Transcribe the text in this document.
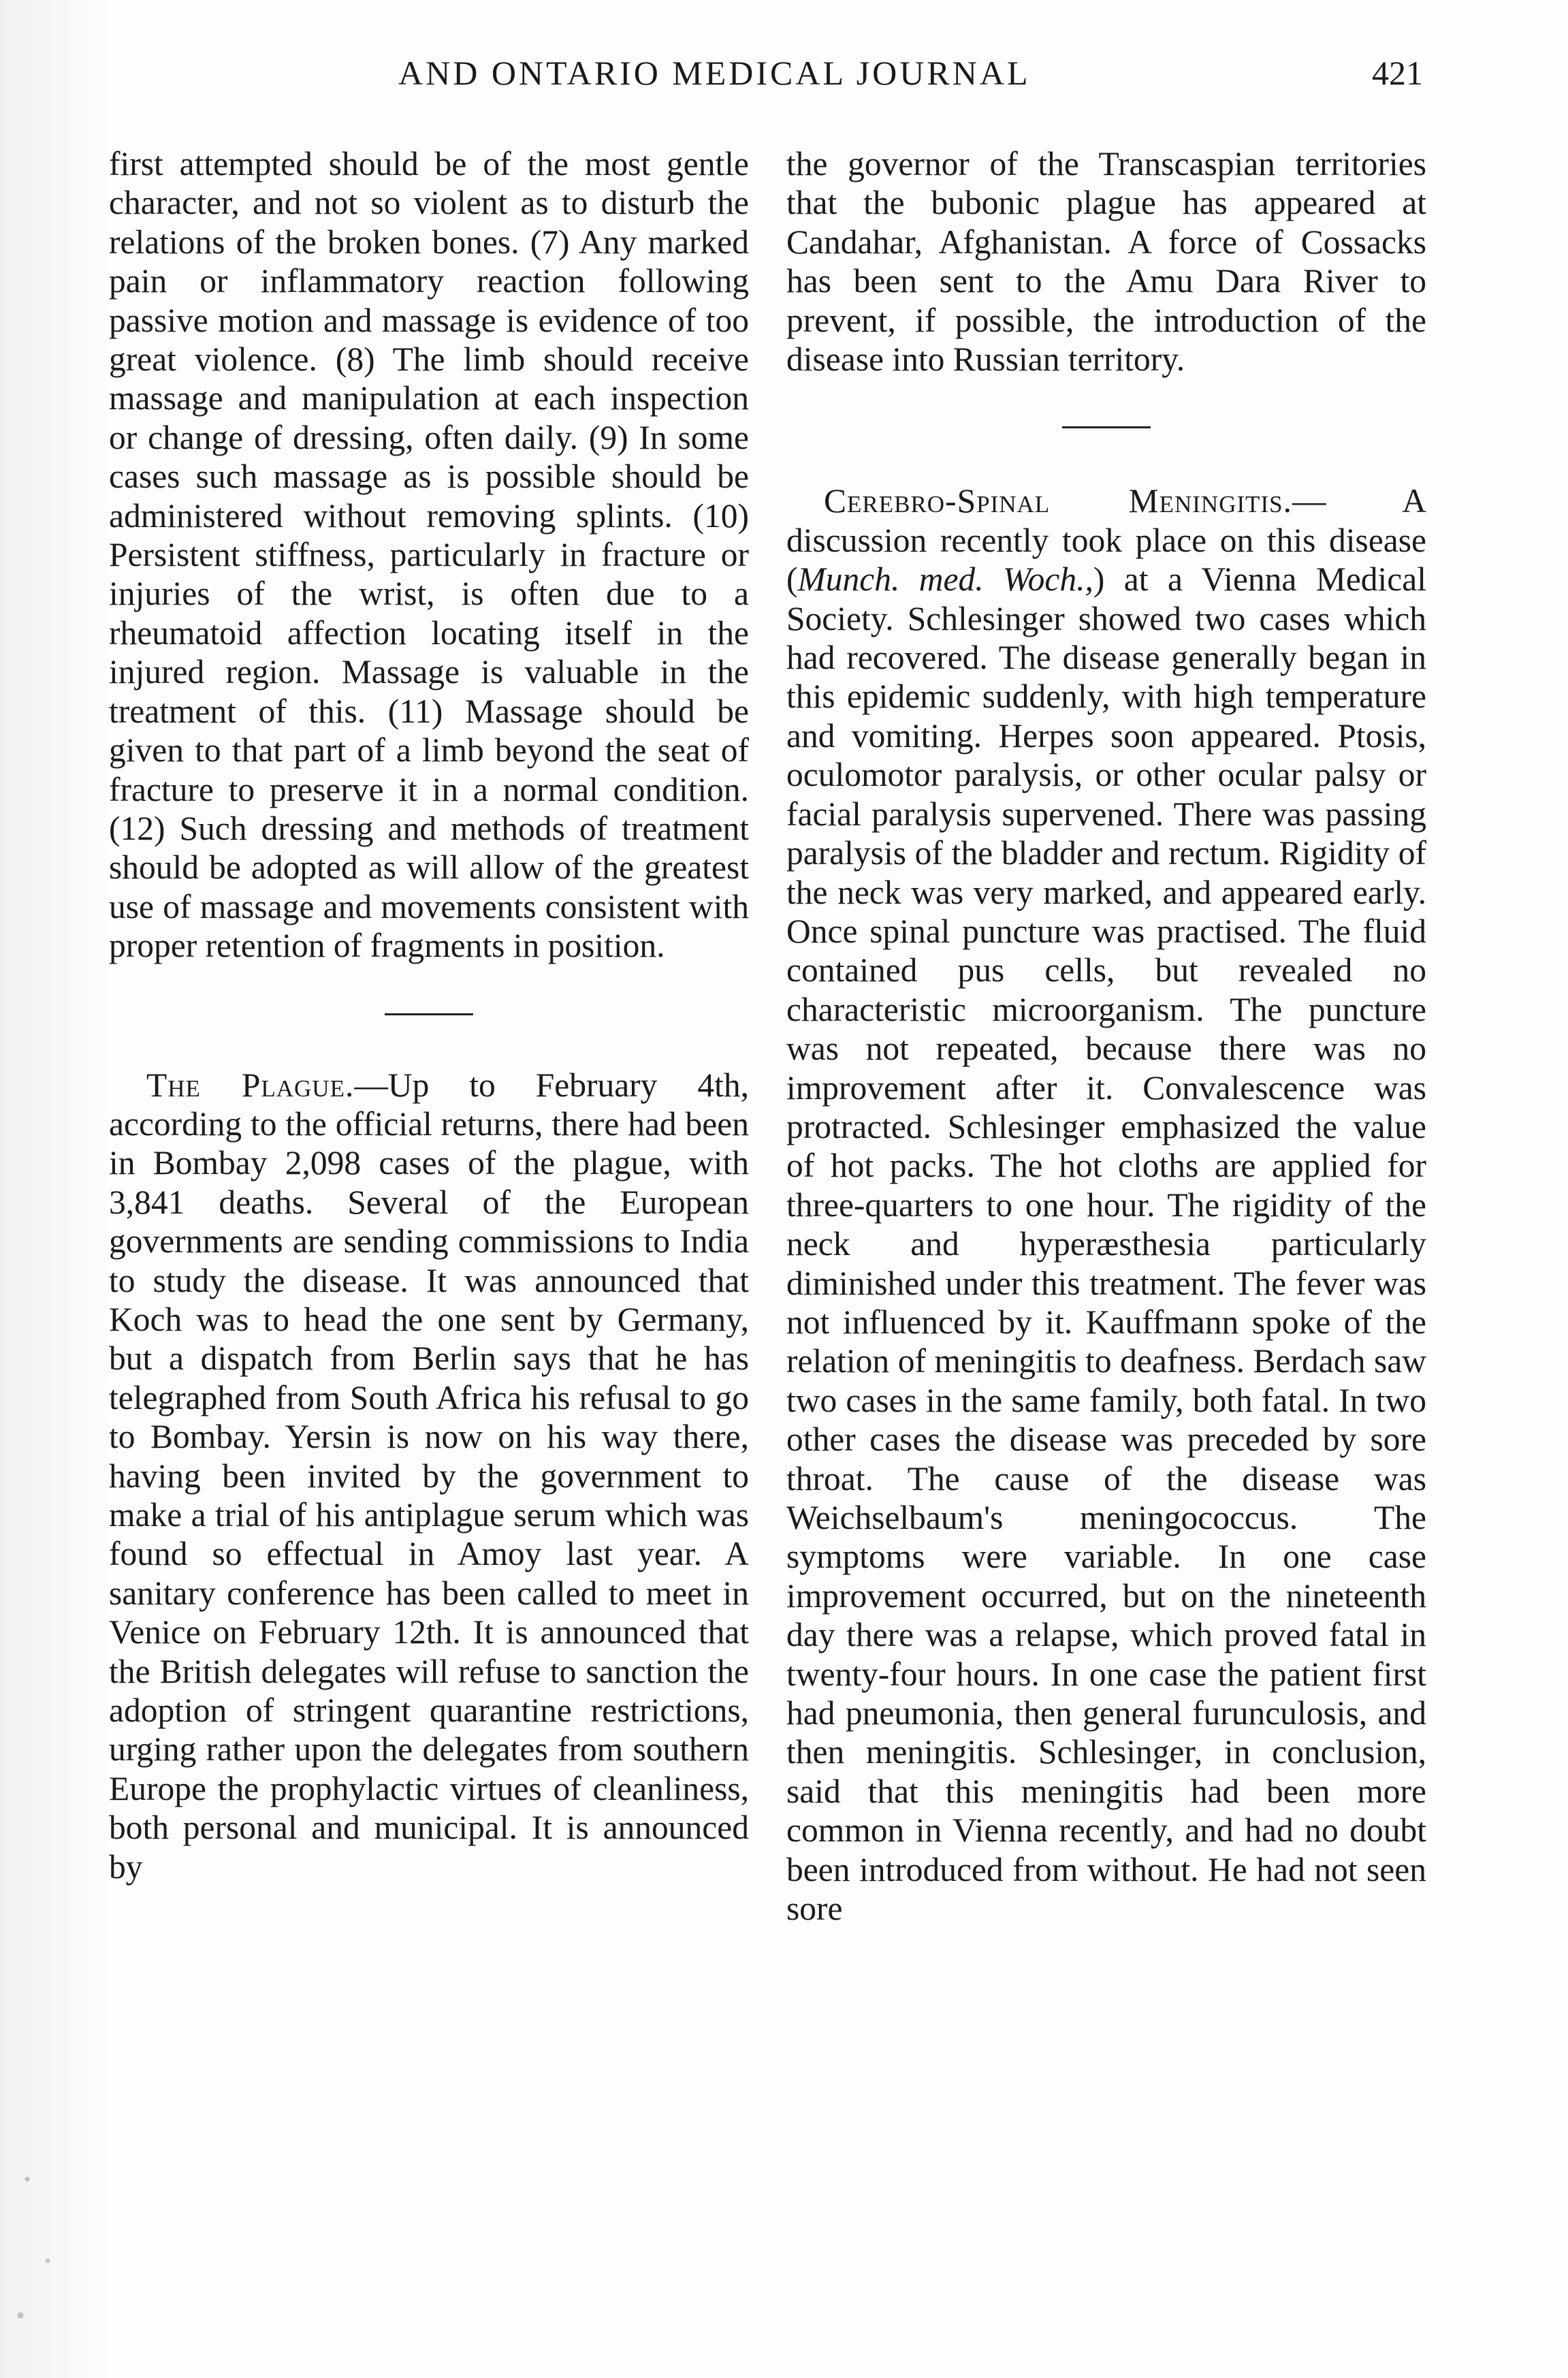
AND ONTARIO MEDICAL JOURNAL	421

first attempted should be of the most gentle character, and not so violent as to disturb the relations of the broken bones. (7) Any marked pain or inflammatory reaction following passive motion and massage is evidence of too great violence. (8) The limb should receive massage and manipulation at each inspection or change of dressing, often daily. (9) In some cases such massage as is possible should be administered without removing splints. (10) Persistent stiffness, particularly in fracture or injuries of the wrist, is often due to a rheumatoid affection locating itself in the injured region. Massage is valuable in the treatment of this. (11) Massage should be given to that part of a limb beyond the seat of fracture to preserve it in a normal condition. (12) Such dressing and methods of treatment should be adopted as will allow of the greatest use of massage and movements consistent with proper retention of fragments in position.

The Plague.—Up to February 4th, according to the official returns, there had been in Bombay 2,098 cases of the plague, with 3,841 deaths. Several of the European governments are sending commissions to India to study the disease. It was announced that Koch was to head the one sent by Germany, but a dispatch from Berlin says that he has telegraphed from South Africa his refusal to go to Bombay. Yersin is now on his way there, having been invited by the government to make a trial of his antiplague serum which was found so effectual in Amoy last year. A sanitary conference has been called to meet in Venice on February 12th. It is announced that the British delegates will refuse to sanction the adoption of stringent quarantine restrictions, urging rather upon the delegates from southern Europe the prophylactic virtues of cleanliness, both personal and municipal. It is announced by

the governor of the Transcaspian territories that the bubonic plague has appeared at Candahar, Afghanistan. A force of Cossacks has been sent to the Amu Dara River to prevent, if possible, the introduction of the disease into Russian territory.

Cerebro-Spinal Meningitis.— A discussion recently took place on this disease (Munch. med. Woch.,) at a Vienna Medical Society. Schlesinger showed two cases which had recovered. The disease generally began in this epidemic suddenly, with high temperature and vomiting. Herpes soon appeared. Ptosis, oculomotor paralysis, or other ocular palsy or facial paralysis supervened. There was passing paralysis of the bladder and rectum. Rigidity of the neck was very marked, and appeared early. Once spinal puncture was practised. The fluid contained pus cells, but revealed no characteristic microorganism. The puncture was not repeated, because there was no improvement after it. Convalescence was protracted. Schlesinger emphasized the value of hot packs. The hot cloths are applied for three-quarters to one hour. The rigidity of the neck and hyperæsthesia particularly diminished under this treatment. The fever was not influenced by it. Kauffmann spoke of the relation of meningitis to deafness. Berdach saw two cases in the same family, both fatal. In two other cases the disease was preceded by sore throat. The cause of the disease was Weichselbaum's meningococcus. The symptoms were variable. In one case improvement occurred, but on the nineteenth day there was a relapse, which proved fatal in twenty-four hours. In one case the patient first had pneumonia, then general furunculosis, and then meningitis. Schlesinger, in conclusion, said that this meningitis had been more common in Vienna recently, and had no doubt been introduced from without. He had not seen sore
